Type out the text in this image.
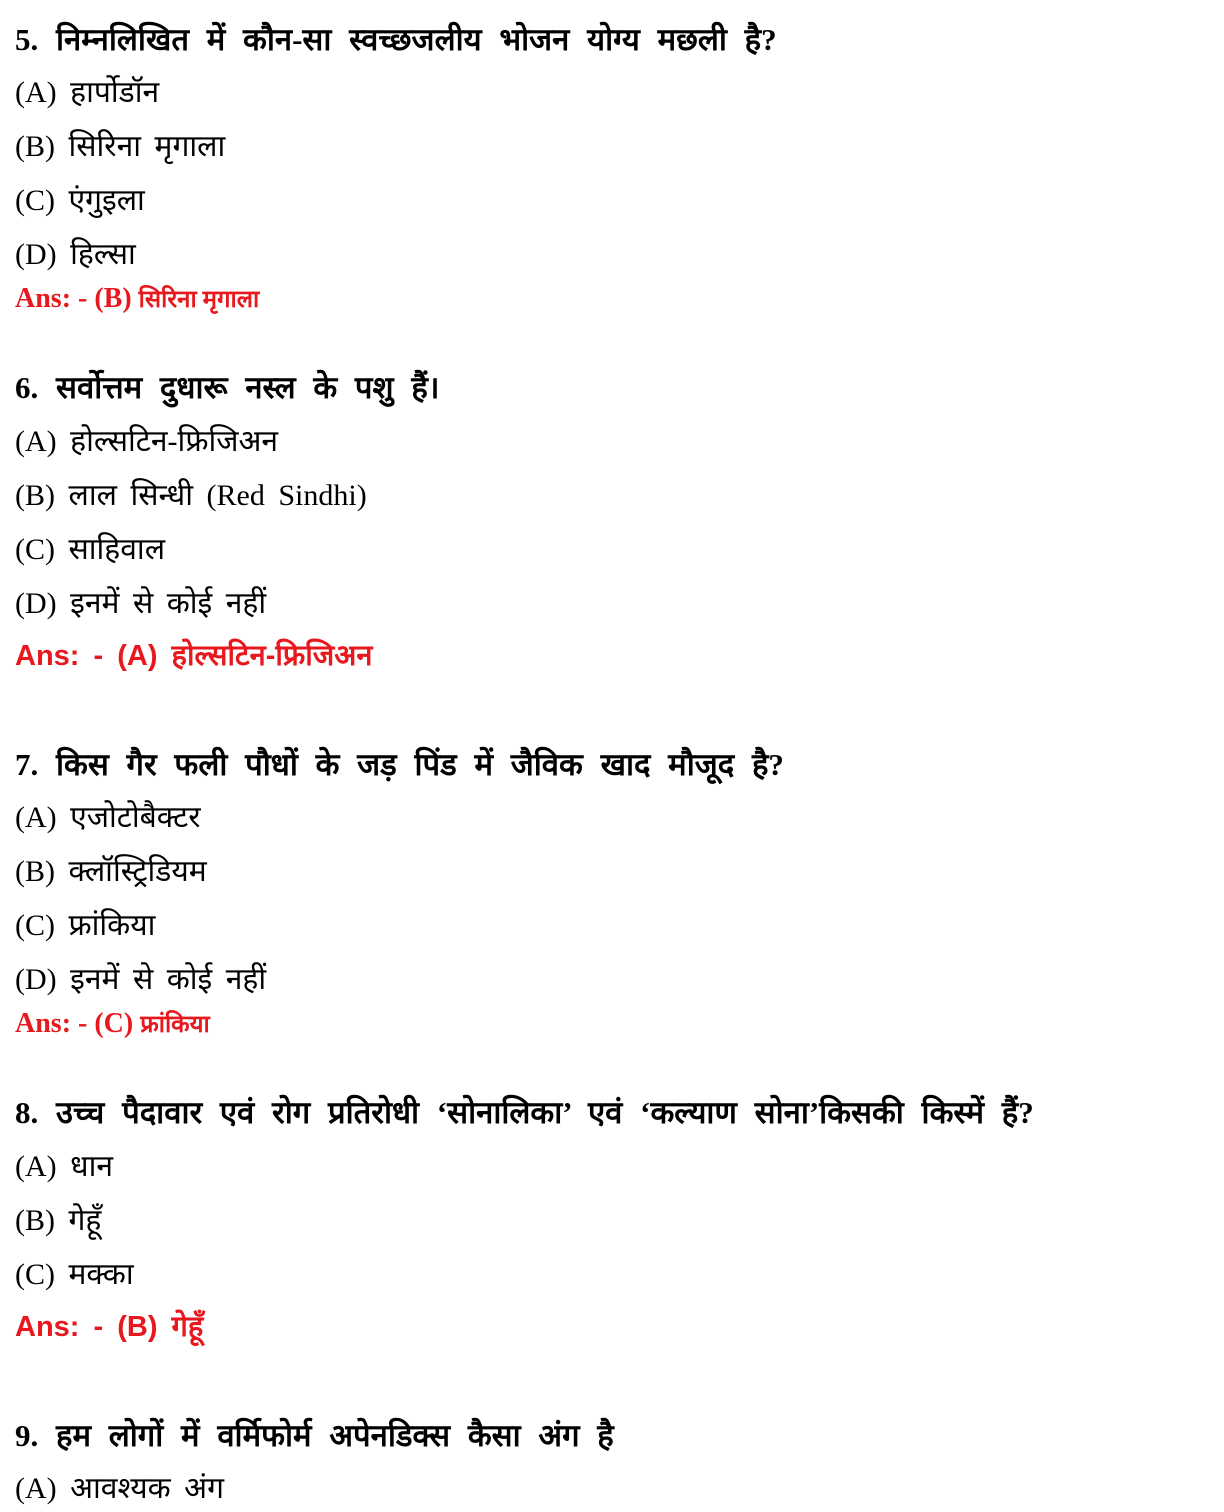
5. निम्नलिखित में कौन-सा स्वच्छजलीय भोजन योग्य मछली है?
(A) हार्पोडॉन
(B) सिरिना मृगाला
(C) एंगुइला
(D) हिल्सा
Ans: - (B) सिरिना मृगाला
6. सर्वोत्तम दुधारू नस्ल के पशु हैं।
(A) होल्सटिन-फ्रिजिअन
(B) लाल सिन्धी (Red Sindhi)
(C) साहिवाल
(D) इनमें से कोई नहीं
Ans: - (A) होल्सटिन-फ्रिजिअन
7. किस गैर फली पौधों के जड़ पिंड में जैविक खाद मौजूद है?
(A) एजोटोबैक्टर
(B) क्लॉस्ट्रिडियम
(C) फ्रांकिया
(D) इनमें से कोई नहीं
Ans: - (C) फ्रांकिया
8. उच्च पैदावार एवं रोग प्रतिरोधी ‘सोनालिका’ एवं ‘कल्याण सोना’किसकी किस्में हैं?
(A) धान
(B) गेहूँ
(C) मक्का
Ans: - (B) गेहूँ
9. हम लोगों में वर्मिफोर्म अपेनडिक्स कैसा अंग है
(A) आवश्यक अंग
